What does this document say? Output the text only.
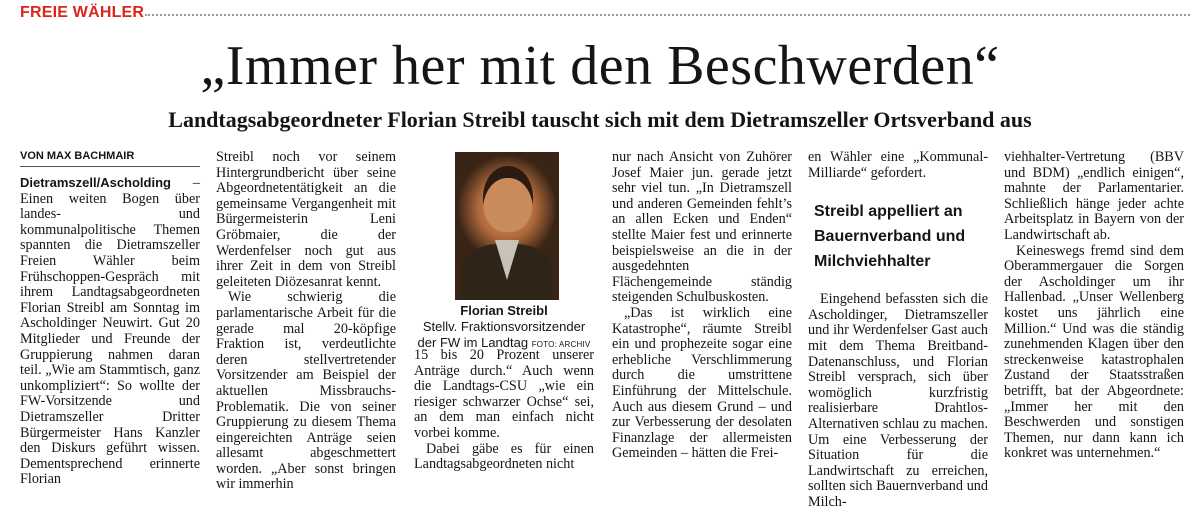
FREIE WÄHLER
„Immer her mit den Beschwerden“
Landtagsabgeordneter Florian Streibl tauscht sich mit dem Dietramszeller Ortsverband aus

VON MAX BACHMAIR

Dietramszell/Ascholding – Einen weiten Bogen über landes- und kommunalpolitische Themen spannten die Dietramszeller Freien Wähler beim Frühschoppen-Gespräch mit ihrem Landtagsabgeordneten Florian Streibl am Sonntag im Ascholdinger Neuwirt. Gut 20 Mitglieder und Freunde der Gruppierung nahmen daran teil. „Wie am Stammtisch, ganz unkompliziert“: So wollte der FW-Vorsitzende und Dietramszeller Dritter Bürgermeister Hans Kanzler den Diskurs geführt wissen. Dementsprechend erinnerte Florian

Streibl noch vor seinem Hintergrundbericht über seine Abgeordnetentätigkeit an die gemeinsame Vergangenheit mit Bürgermeisterin Leni Gröbmaier, die der Werdenfelser noch gut aus ihrer Zeit in dem von Streibl geleiteten Diözesanrat kennt.

Wie schwierig die parlamentarische Arbeit für die gerade mal 20-köpfige Fraktion ist, verdeutlichte deren stellvertretender Vorsitzender am Beispiel der aktuellen Missbrauchs-Problematik. Die von seiner Gruppierung zu diesem Thema eingereichten Anträge seien allesamt abgeschmettert worden. „Aber sonst bringen wir immerhin

Florian Streibl
Stellv. Fraktionsvorsitzender der FW im Landtag FOTO: ARCHIV

15 bis 20 Prozent unserer Anträge durch.“ Auch wenn die Landtags-CSU „wie ein riesiger schwarzer Ochse“ sei, an dem man einfach nicht vorbei komme.

Dabei gäbe es für einen Landtagsabgeordneten nicht

nur nach Ansicht von Zuhörer Josef Maier jun. gerade jetzt sehr viel tun. „In Dietramszell und anderen Gemeinden fehlt’s an allen Ecken und Enden“ stellte Maier fest und erinnerte beispielsweise an die in der ausgedehnten Flächengemeinde ständig steigenden Schulbuskosten.

„Das ist wirklich eine Katastrophe“, räumte Streibl ein und prophezeite sogar eine erhebliche Verschlimmerung durch die umstrittene Einführung der Mittelschule. Auch aus diesem Grund – und zur Verbesserung der desolaten Finanzlage der allermeisten Gemeinden – hätten die Frei-

en Wähler eine „Kommunal-Milliarde“ gefordert.

Streibl appelliert an Bauernverband und Milchviehhalter

Eingehend befassten sich die Ascholdinger, Dietramszeller und ihr Werdenfelser Gast auch mit dem Thema Breitband-Datenanschluss, und Florian Streibl versprach, sich über womöglich kurzfristig realisierbare Drahtlos-Alternativen schlau zu machen. Um eine Verbesserung der Situation für die Landwirtschaft zu erreichen, sollten sich Bauernverband und Milch-

viehhalter-Vertretung (BBV und BDM) „endlich einigen“, mahnte der Parlamentarier. Schließlich hänge jeder achte Arbeitsplatz in Bayern von der Landwirtschaft ab.

Keineswegs fremd sind dem Oberammergauer die Sorgen der Ascholdinger um ihr Hallenbad. „Unser Wellenberg kostet uns jährlich eine Million.“ Und was die ständig zunehmenden Klagen über den streckenweise katastrophalen Zustand der Staatsstraßen betrifft, bat der Abgeordnete: „Immer her mit den Beschwerden und sonstigen Themen, nur dann kann ich konkret was unternehmen.“
